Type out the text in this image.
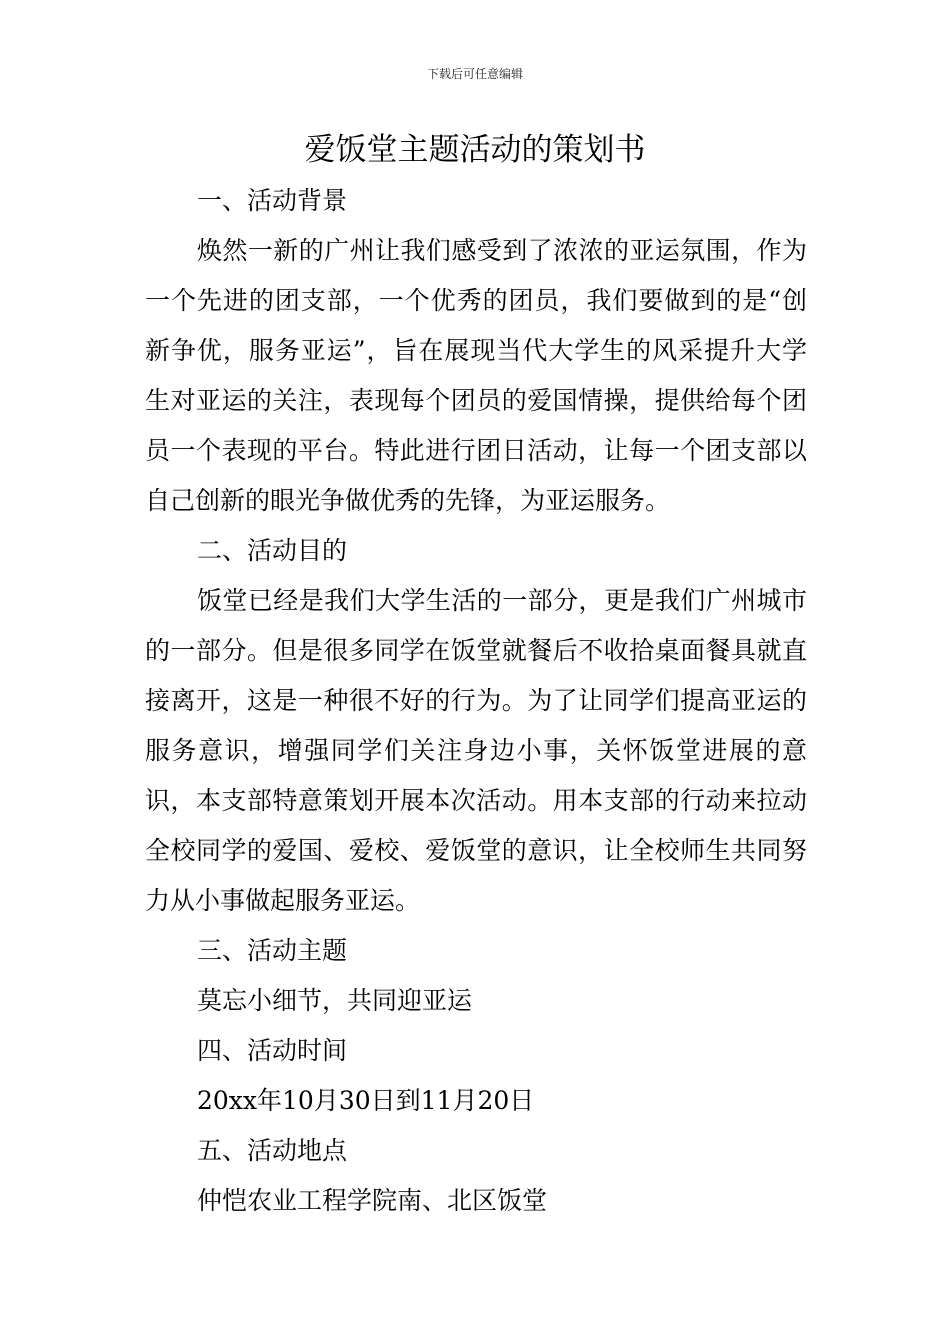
下载后可任意编辑
爱饭堂主题活动的策划书

一、活动背景

焕然一新的广州让我们感受到了浓浓的亚运氛围，作为一个先进的团支部，一个优秀的团员，我们要做到的是“创新争优，服务亚运”，旨在展现当代大学生的风采提升大学生对亚运的关注，表现每个团员的爱国情操，提供给每个团员一个表现的平台。特此进行团日活动，让每一个团支部以自己创新的眼光争做优秀的先锋，为亚运服务。

二、活动目的

饭堂已经是我们大学生活的一部分，更是我们广州城市的一部分。但是很多同学在饭堂就餐后不收拾桌面餐具就直接离开，这是一种很不好的行为。为了让同学们提高亚运的服务意识，增强同学们关注身边小事，关怀饭堂进展的意识，本支部特意策划开展本次活动。用本支部的行动来拉动全校同学的爱国、爱校、爱饭堂的意识，让全校师生共同努力从小事做起服务亚运。

三、活动主题

莫忘小细节，共同迎亚运

四、活动时间

20xx年10月30日到11月20日

五、活动地点

仲恺农业工程学院南、北区饭堂
